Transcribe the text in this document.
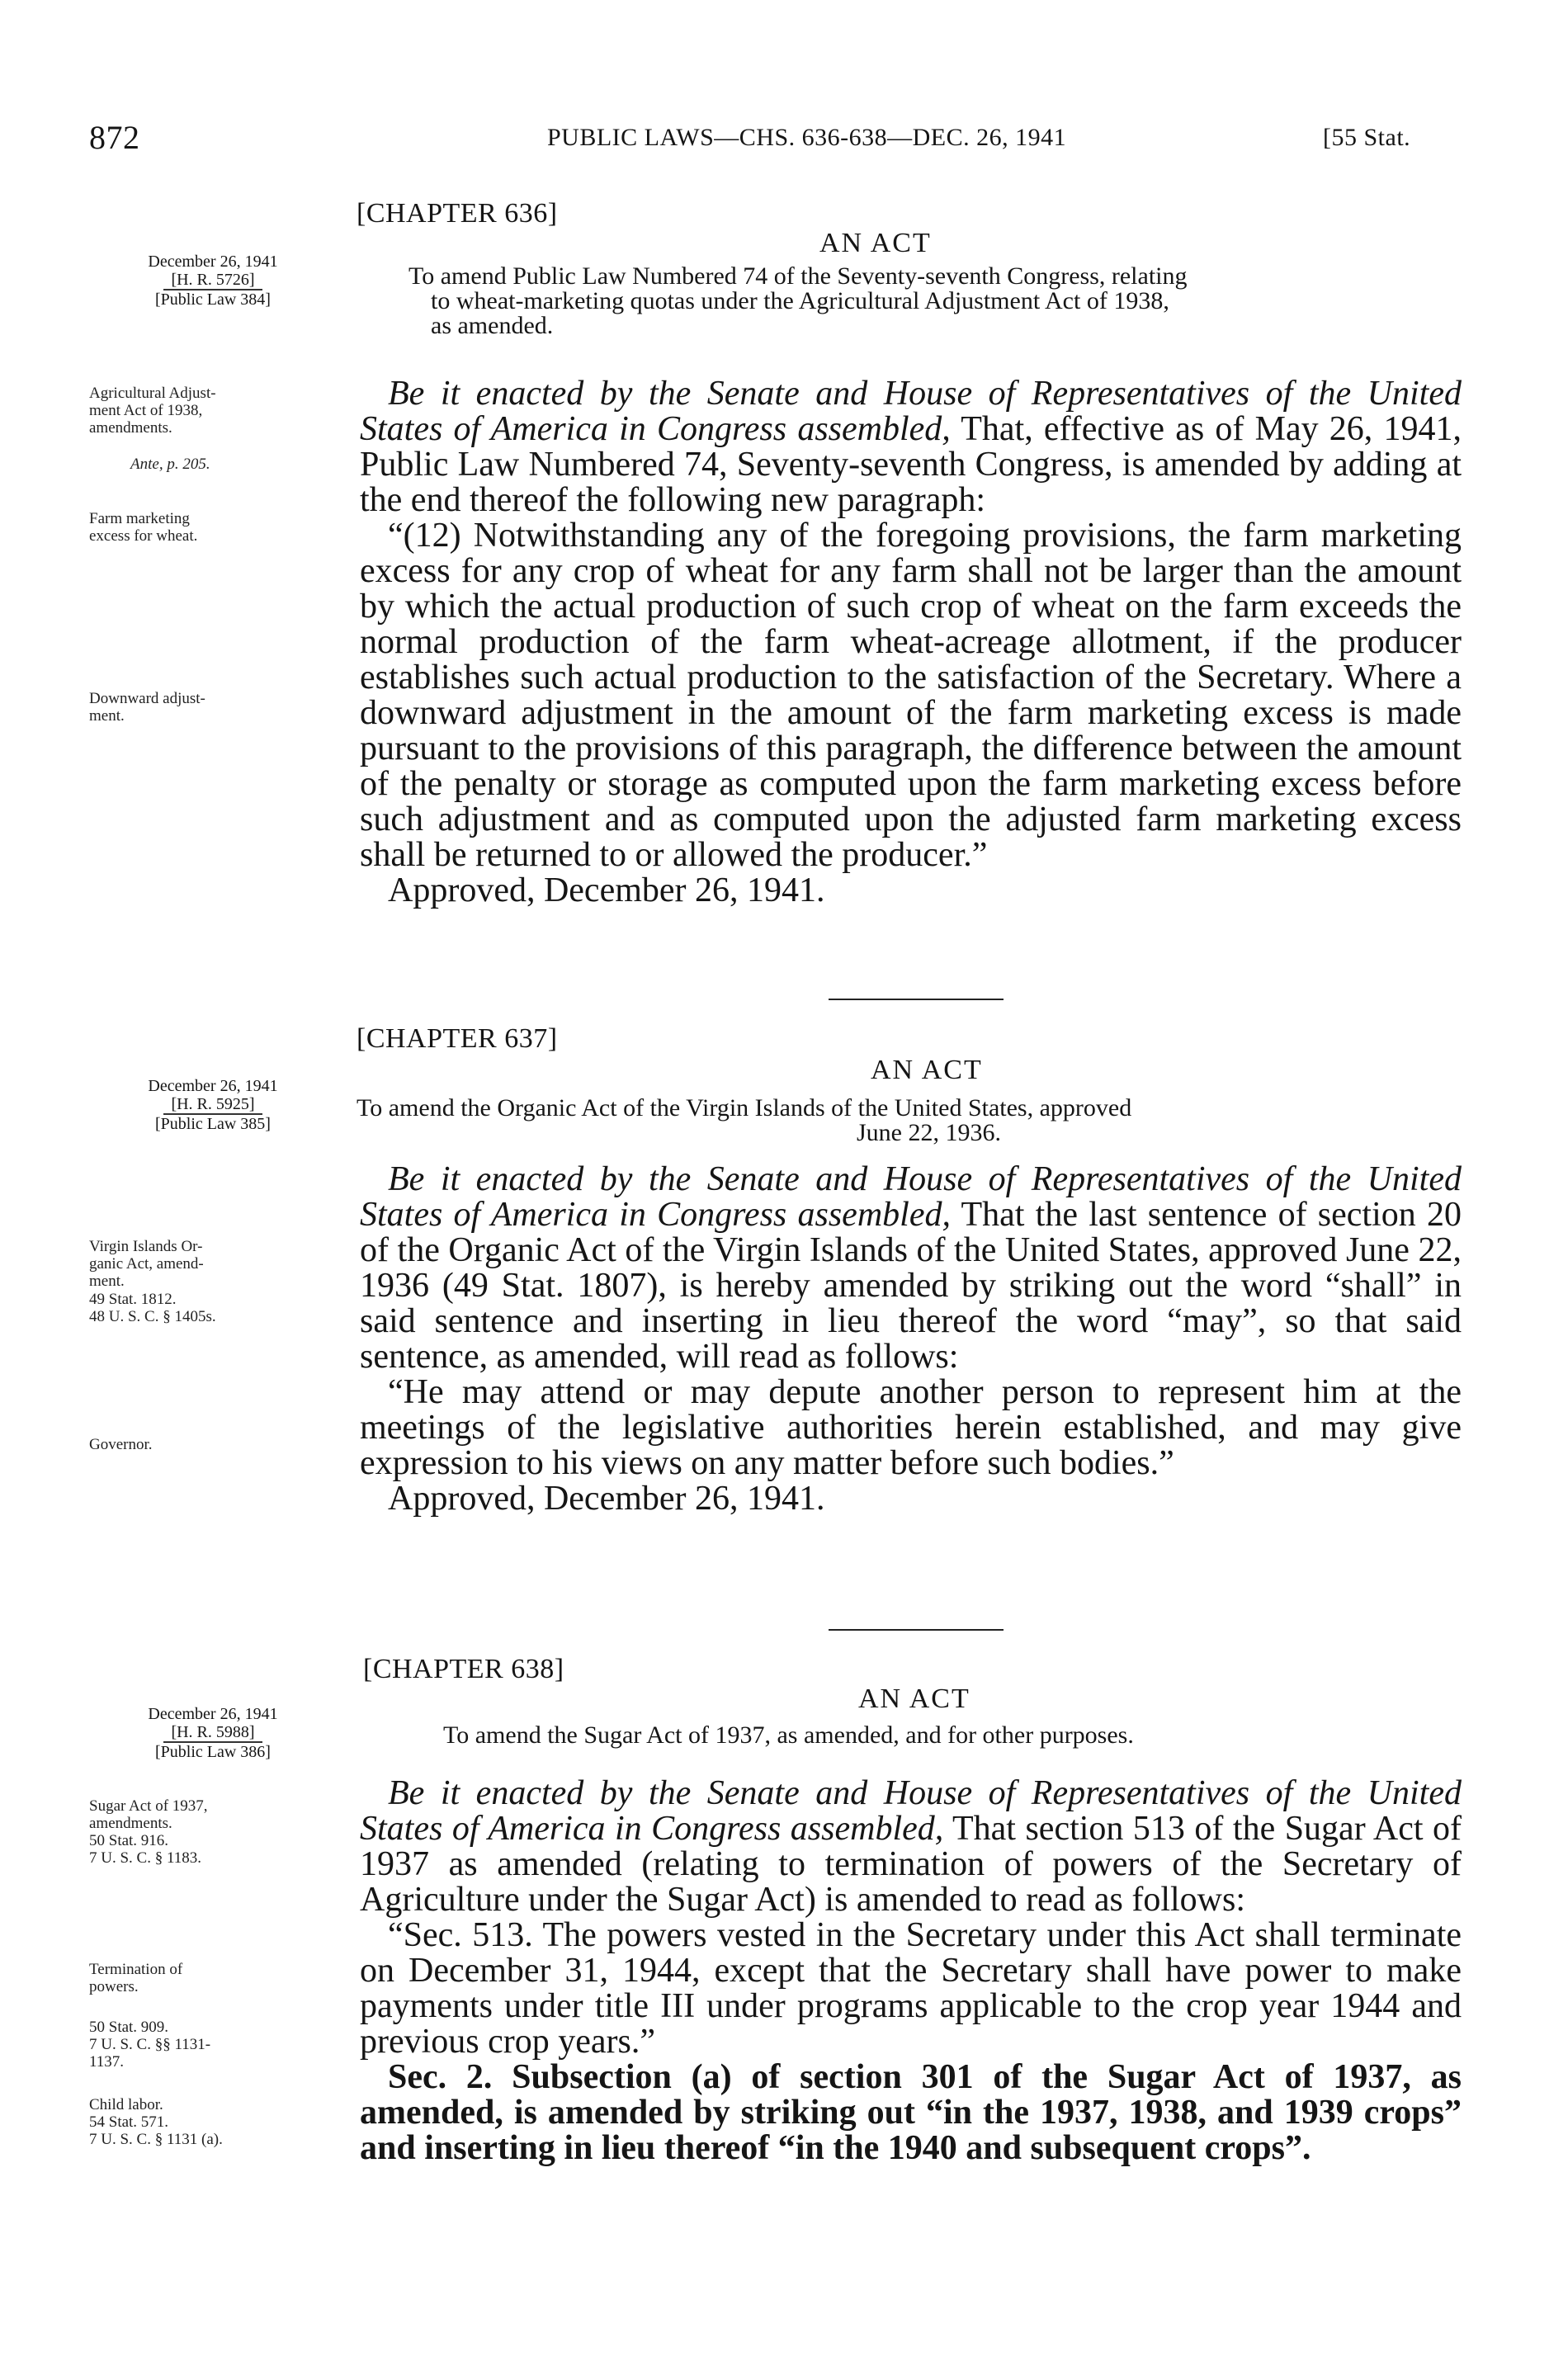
872	PUBLIC LAWS—CHS. 636-638—DEC. 26, 1941	[55 Stat.
[CHAPTER 636]
AN ACT
To amend Public Law Numbered 74 of the Seventy-seventh Congress, relating
to wheat-marketing quotas under the Agricultural Adjustment Act of 1938,
as amended.
December 26, 1941
[H. R. 5726]
[Public Law 384]
Agricultural Adjust-
ment Act of 1938,
amendments.
Ante, p. 205.
Farm marketing
excess for wheat.
Downward adjust-
ment.

Be it enacted by the Senate and House of Representatives of the United States of America in Congress assembled, That, effective as of May 26, 1941, Public Law Numbered 74, Seventy-seventh Congress, is amended by adding at the end thereof the following new paragraph:

“(12) Notwithstanding any of the foregoing provisions, the farm marketing excess for any crop of wheat for any farm shall not be larger than the amount by which the actual production of such crop of wheat on the farm exceeds the normal production of the farm wheat-acreage allotment, if the producer establishes such actual production to the satisfaction of the Secretary. Where a downward adjustment in the amount of the farm marketing excess is made pursuant to the provisions of this paragraph, the difference between the amount of the penalty or storage as computed upon the farm marketing excess before such adjustment and as computed upon the adjusted farm marketing excess shall be returned to or allowed the producer.”

Approved, December 26, 1941.

[CHAPTER 637]
AN ACT
To amend the Organic Act of the Virgin Islands of the United States, approved
June 22, 1936.
December 26, 1941
[H. R. 5925]
[Public Law 385]
Virgin Islands Or-
ganic Act, amend-
ment.
49 Stat. 1812.
48 U. S. C. § 1405s.
Governor.

Be it enacted by the Senate and House of Representatives of the United States of America in Congress assembled, That the last sentence of section 20 of the Organic Act of the Virgin Islands of the United States, approved June 22, 1936 (49 Stat. 1807), is hereby amended by striking out the word “shall” in said sentence and inserting in lieu thereof the word “may”, so that said sentence, as amended, will read as follows:

“He may attend or may depute another person to represent him at the meetings of the legislative authorities herein established, and may give expression to his views on any matter before such bodies.”

Approved, December 26, 1941.

[CHAPTER 638]
AN ACT
To amend the Sugar Act of 1937, as amended, and for other purposes.
December 26, 1941
[H. R. 5988]
[Public Law 386]
Sugar Act of 1937,
amendments.
50 Stat. 916.
7 U. S. C. § 1183.
Termination of
powers.
50 Stat. 909.
7 U. S. C. §§ 1131-
1137.
Child labor.
54 Stat. 571.
7 U. S. C. § 1131 (a).

Be it enacted by the Senate and House of Representatives of the United States of America in Congress assembled, That section 513 of the Sugar Act of 1937 as amended (relating to termination of powers of the Secretary of Agriculture under the Sugar Act) is amended to read as follows:

“Sec. 513. The powers vested in the Secretary under this Act shall terminate on December 31, 1944, except that the Secretary shall have power to make payments under title III under programs applicable to the crop year 1944 and previous crop years.”

Sec. 2. Subsection (a) of section 301 of the Sugar Act of 1937, as amended, is amended by striking out “in the 1937, 1938, and 1939 crops” and inserting in lieu thereof “in the 1940 and subsequent crops”.
